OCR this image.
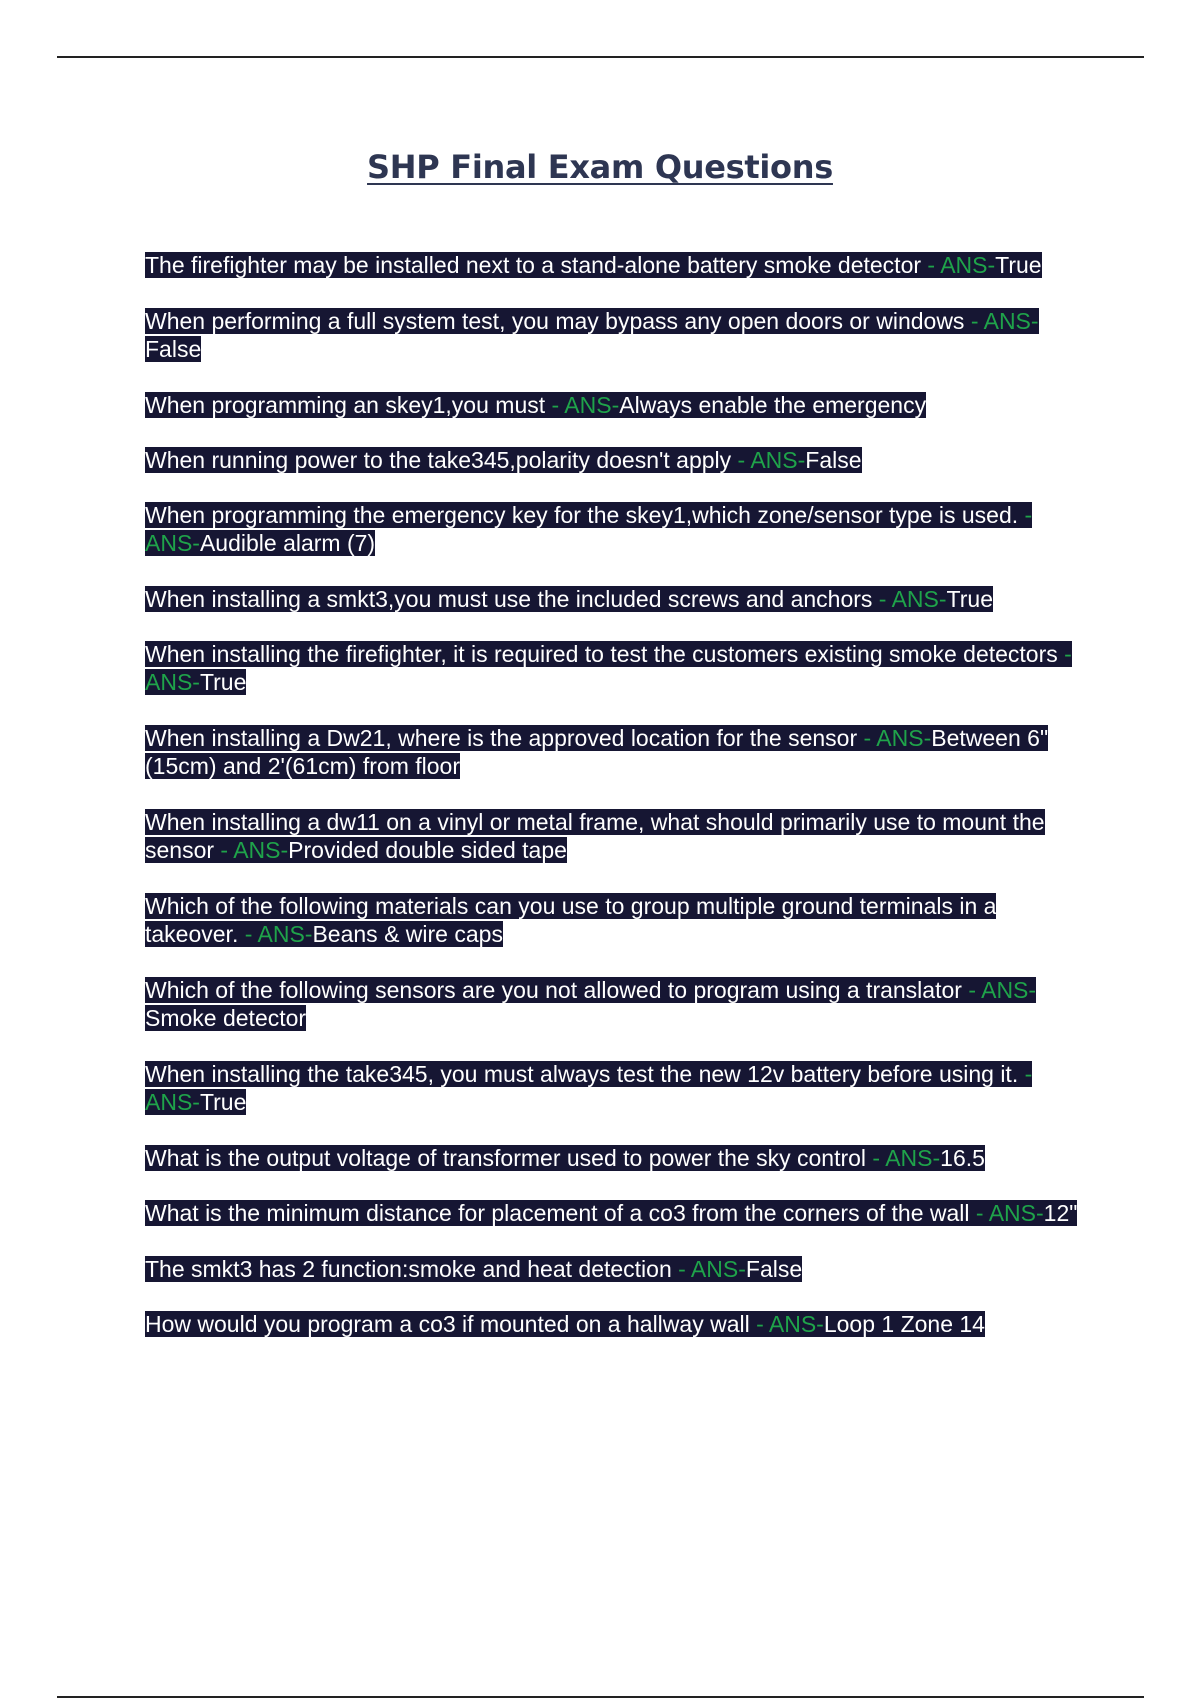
SHP Final Exam Questions
The firefighter may be installed next to a stand-alone battery smoke detector - ANS-True
When performing a full system test, you may bypass any open doors or windows - ANS-False
When programming an skey1,you must - ANS-Always enable the emergency
When running power to the take345,polarity doesn't apply - ANS-False
When programming the emergency key for the skey1,which zone/sensor type is used. - ANS-Audible alarm (7)
When installing a smkt3,you must use the included screws and anchors - ANS-True
When installing the firefighter, it is required to test the customers existing smoke detectors - ANS-True
When installing a Dw21, where is the approved location for the sensor - ANS-Between 6"(15cm) and 2'(61cm) from floor
When installing a dw11 on a vinyl or metal frame, what should primarily use to mount the sensor - ANS-Provided double sided tape
Which of the following materials can you use to group multiple ground terminals in a takeover. - ANS-Beans & wire caps
Which of the following sensors are you not allowed to program using a translator - ANS-Smoke detector
When installing the take345, you must always test the new 12v battery before using it. - ANS-True
What is the output voltage of transformer used to power the sky control - ANS-16.5
What is the minimum distance for placement of a co3 from the corners of the wall - ANS-12"
The smkt3 has 2 function:smoke and heat detection - ANS-False
How would you program a co3 if mounted on a hallway wall - ANS-Loop 1 Zone 14
